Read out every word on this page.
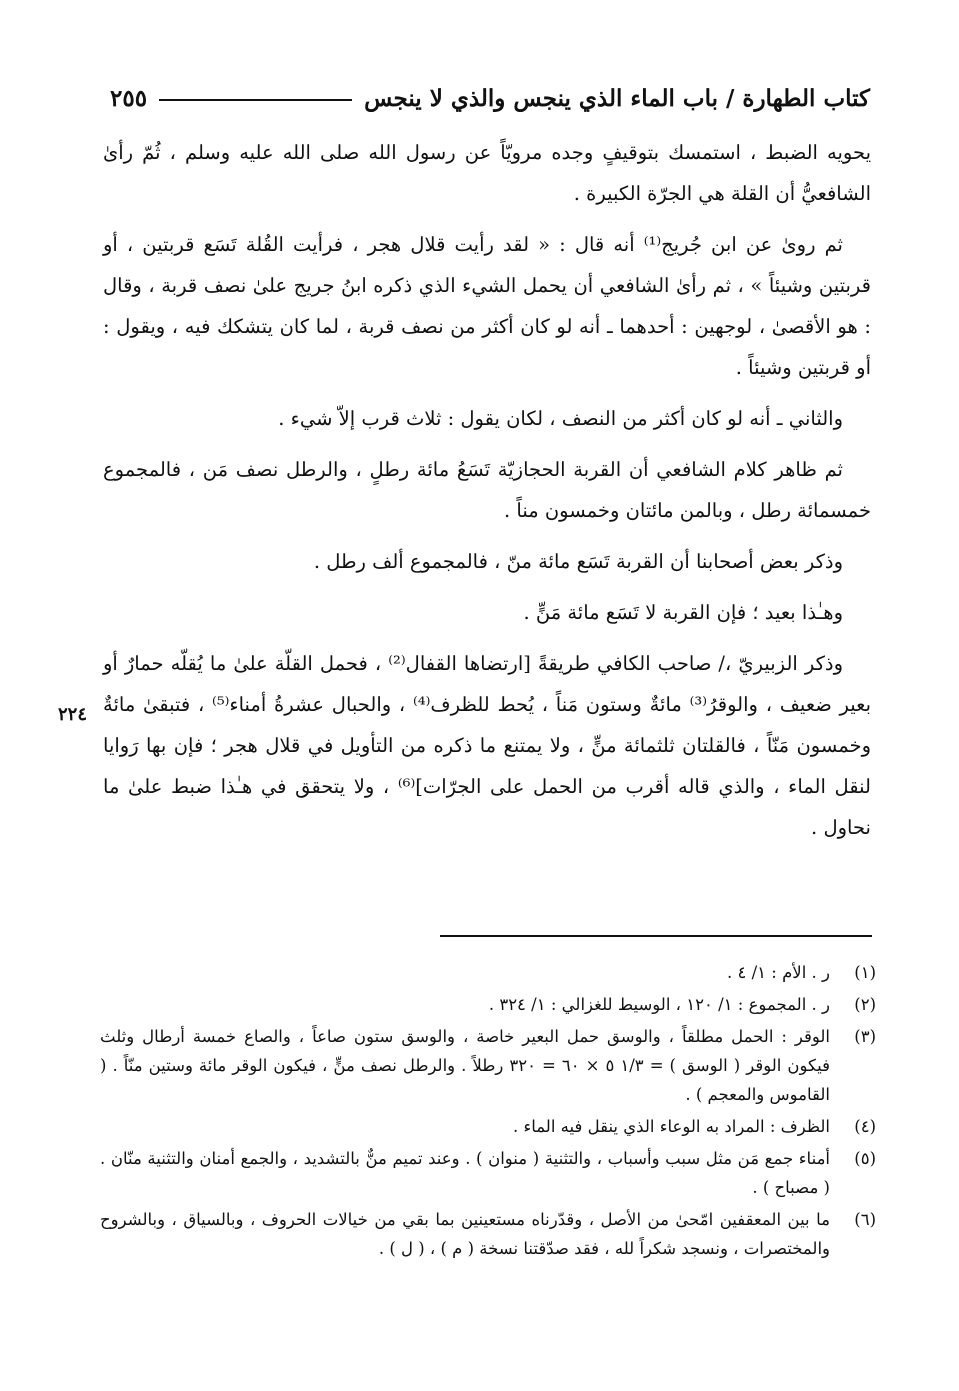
كتاب الطهارة / باب الماء الذي ينجس والذي لا ينجس
٢٥٥

يحويه الضبط ، استمسك بتوقيفٍ وجده مرويّاً عن رسول الله صلى الله عليه وسلم ، ثُمّ رأىٰ الشافعيُّ أن القلة هي الجرّة الكبيرة .

ثم روىٰ عن ابن جُريج⁽¹⁾ أنه قال : « لقد رأيت قلال هجر ، فرأيت القُلة تَسَع قربتين ، أو قربتين وشيئاً » ، ثم رأىٰ الشافعي أن يحمل الشيء الذي ذكره ابنُ جريج علىٰ نصف قربة ، وقال : هو الأقصىٰ ، لوجهين : أحدهما ـ أنه لو كان أكثر من نصف قربة ، لما كان يتشكك فيه ، ويقول : أو قربتين وشيئاً .

والثاني ـ أنه لو كان أكثر من النصف ، لكان يقول : ثلاث قرب إلاّ شيء .

ثم ظاهر كلام الشافعي أن القربة الحجازيّة تَسَعُ مائة رطلٍ ، والرطل نصف مَن ، فالمجموع خمسمائة رطل ، وبالمن مائتان وخمسون مناً .

وذكر بعض أصحابنا أن القربة تَسَع مائة منّ ، فالمجموع ألف رطل .

وهـٰذا بعيد ؛ فإن القربة لا تَسَع مائة مَنٍّ .

وذكر الزبيريّ ،/ صاحب الكافي طريقةً [ارتضاها القفال⁽²⁾ ، فحمل القلّة علىٰ ما يُقلّه حمارٌ أو بعير ضعيف ، والوقرُ⁽³⁾ مائةٌ وستون مَناً ، يُحط للظرف⁽⁴⁾ ، والحبال عشرةُ أمناء⁽⁵⁾ ، فتبقىٰ مائةٌ وخمسون مَنّاً ، فالقلتان ثلثمائة منٍّ ، ولا يمتنع ما ذكره من التأويل في قلال هجر ؛ فإن بها رَوايا لنقل الماء ، والذي قاله أقرب من الحمل على الجرّات]⁽⁶⁾ ، ولا يتحقق في هـٰذا ضبط علىٰ ما نحاول .

٢٢٤
(١)
ر . الأم : ١/ ٤ .
(٢)
ر . المجموع : ١/ ١٢٠ ، الوسيط للغزالي : ١/ ٣٢٤ .
(٣)
الوقر : الحمل مطلقاً ، والوسق حمل البعير خاصة ، والوسق ستون صاعاً ، والصاع خمسة أرطال وثلث فيكون الوقر ( الوسق ) = ١/٣ ٥ × ٦٠ = ٣٢٠ رطلاً . والرطل نصف منٍّ ، فيكون الوقر مائة وستين منّاً . ( القاموس والمعجم ) .
(٤)
الظرف : المراد به الوعاء الذي ينقل فيه الماء .
(٥)
أمناء جمع مَن مثل سبب وأسباب ، والتثنية ( منوان ) . وعند تميم منٌّ بالتشديد ، والجمع أمنان والتثنية منّان . ( مصباح ) .
(٦)
ما بين المعقفين امّحىٰ من الأصل ، وقدّرناه مستعينين بما بقي من خيالات الحروف ، وبالسياق ، وبالشروح والمختصرات ، ونسجد شكراً لله ، فقد صدّقتنا نسخة ( م ) ، ( ل ) .
